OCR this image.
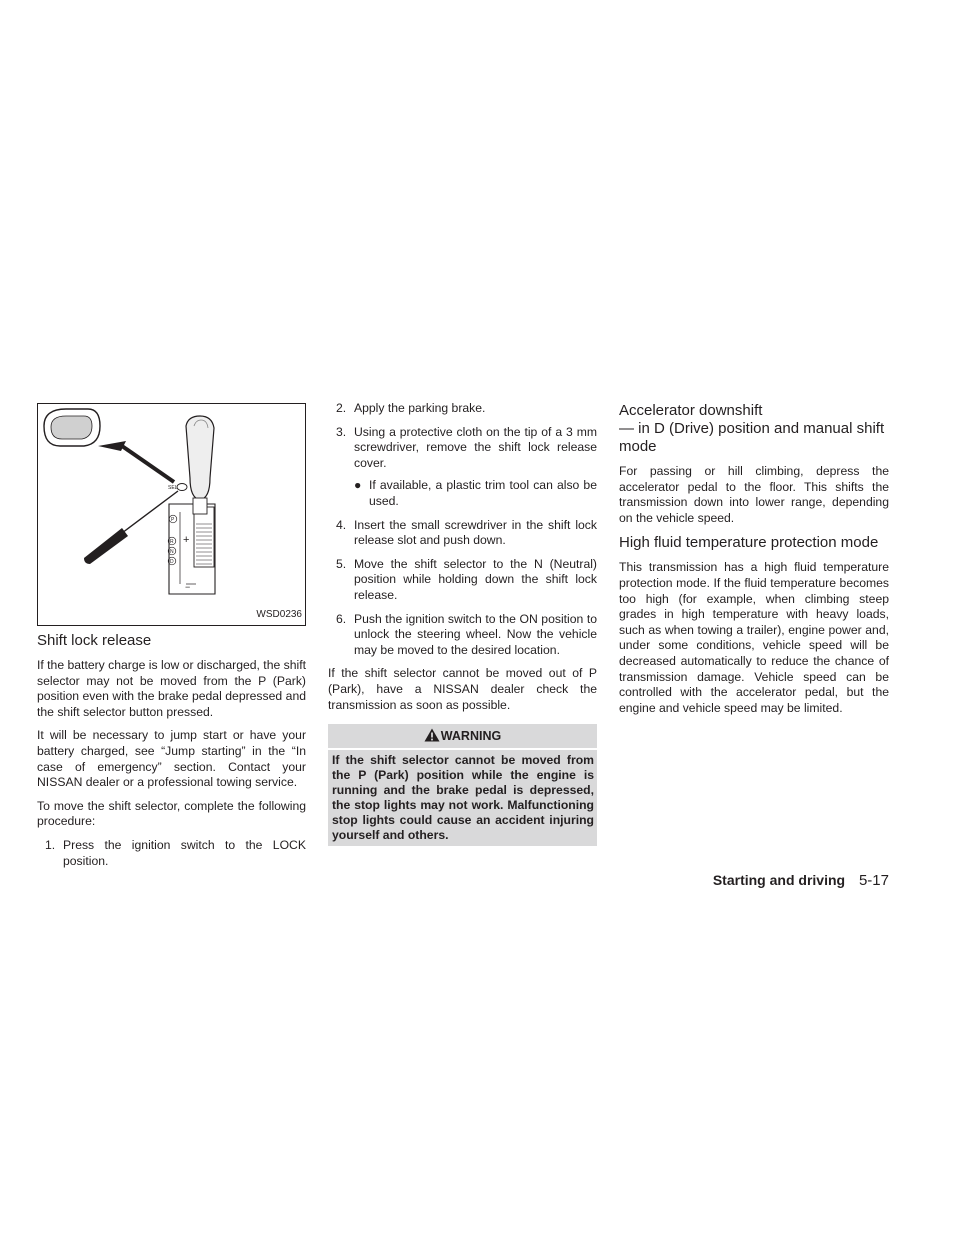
SEL
P
R
N
D
+
−
WSD0236
Shift lock release

If the battery charge is low or discharged, the shift selector may not be moved from the P (Park) position even with the brake pedal depressed and the shift selector button pressed.

It will be necessary to jump start or have your battery charged, see “Jump starting” in the “In case of emergency” section. Contact your NISSAN dealer or a professional towing service.

To move the shift selector, complete the following procedure:

1. Press the ignition switch to the LOCK position.
2. Apply the parking brake.
3. Using a protective cloth on the tip of a 3 mm screwdriver, remove the shift lock release cover.
● If available, a plastic trim tool can also be used.
4. Insert the small screwdriver in the shift lock release slot and push down.
5. Move the shift selector to the N (Neutral) position while holding down the shift lock release.
6. Push the ignition switch to the ON position to unlock the steering wheel. Now the vehicle may be moved to the desired location.

If the shift selector cannot be moved out of P (Park), have a NISSAN dealer check the transmission as soon as possible.

WARNING
If the shift selector cannot be moved from the P (Park) position while the engine is running and the brake pedal is depressed, the stop lights may not work. Malfunctioning stop lights could cause an accident injuring yourself and others.
Accelerator downshift
— in D (Drive) position and manual shift mode

For passing or hill climbing, depress the accelerator pedal to the floor. This shifts the transmission down into lower range, depending on the vehicle speed.

High fluid temperature protection mode

This transmission has a high fluid temperature protection mode. If the fluid temperature becomes too high (for example, when climbing steep grades in high temperature with heavy loads, such as when towing a trailer), engine power and, under some conditions, vehicle speed will be decreased automatically to reduce the chance of transmission damage. Vehicle speed can be controlled with the accelerator pedal, but the engine and vehicle speed may be limited.

Starting and driving 5-17
